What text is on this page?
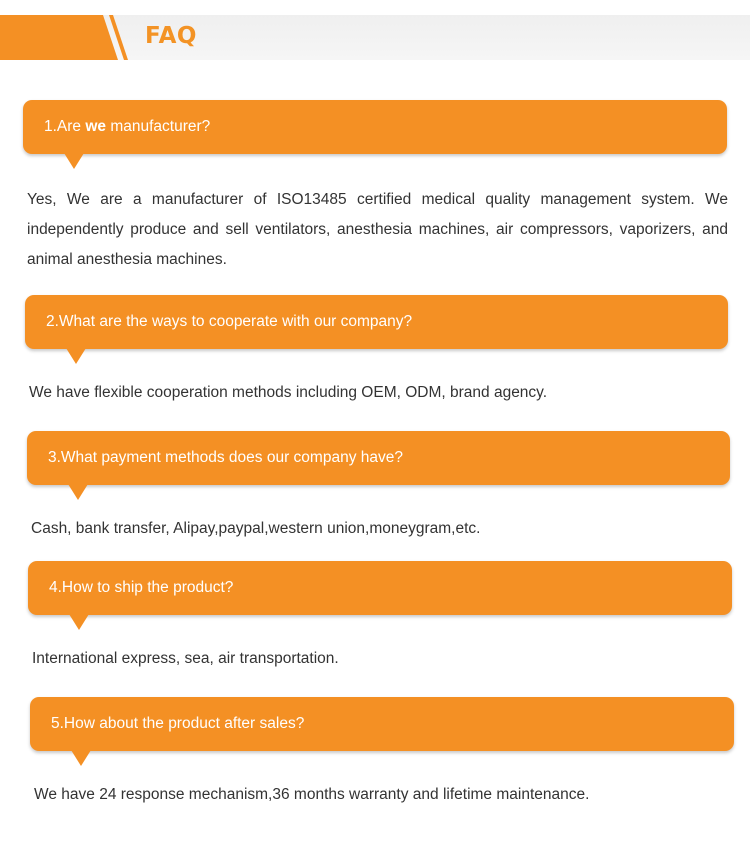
FAQ
1.Are we manufacturer?
Yes, We are a manufacturer of ISO13485 certified medical quality management system. We independently produce and sell ventilators, anesthesia machines, air compressors, vaporizers, and animal anesthesia machines.
2.What are the ways to cooperate with our company?
We have flexible cooperation methods including OEM, ODM, brand agency.
3.What payment methods does our company have?
Cash, bank transfer, Alipay,paypal,western union,moneygram,etc.
4.How to ship the product?
International express, sea, air transportation.
5.How about the product after sales?
We have 24 response mechanism,36 months warranty and lifetime maintenance.
